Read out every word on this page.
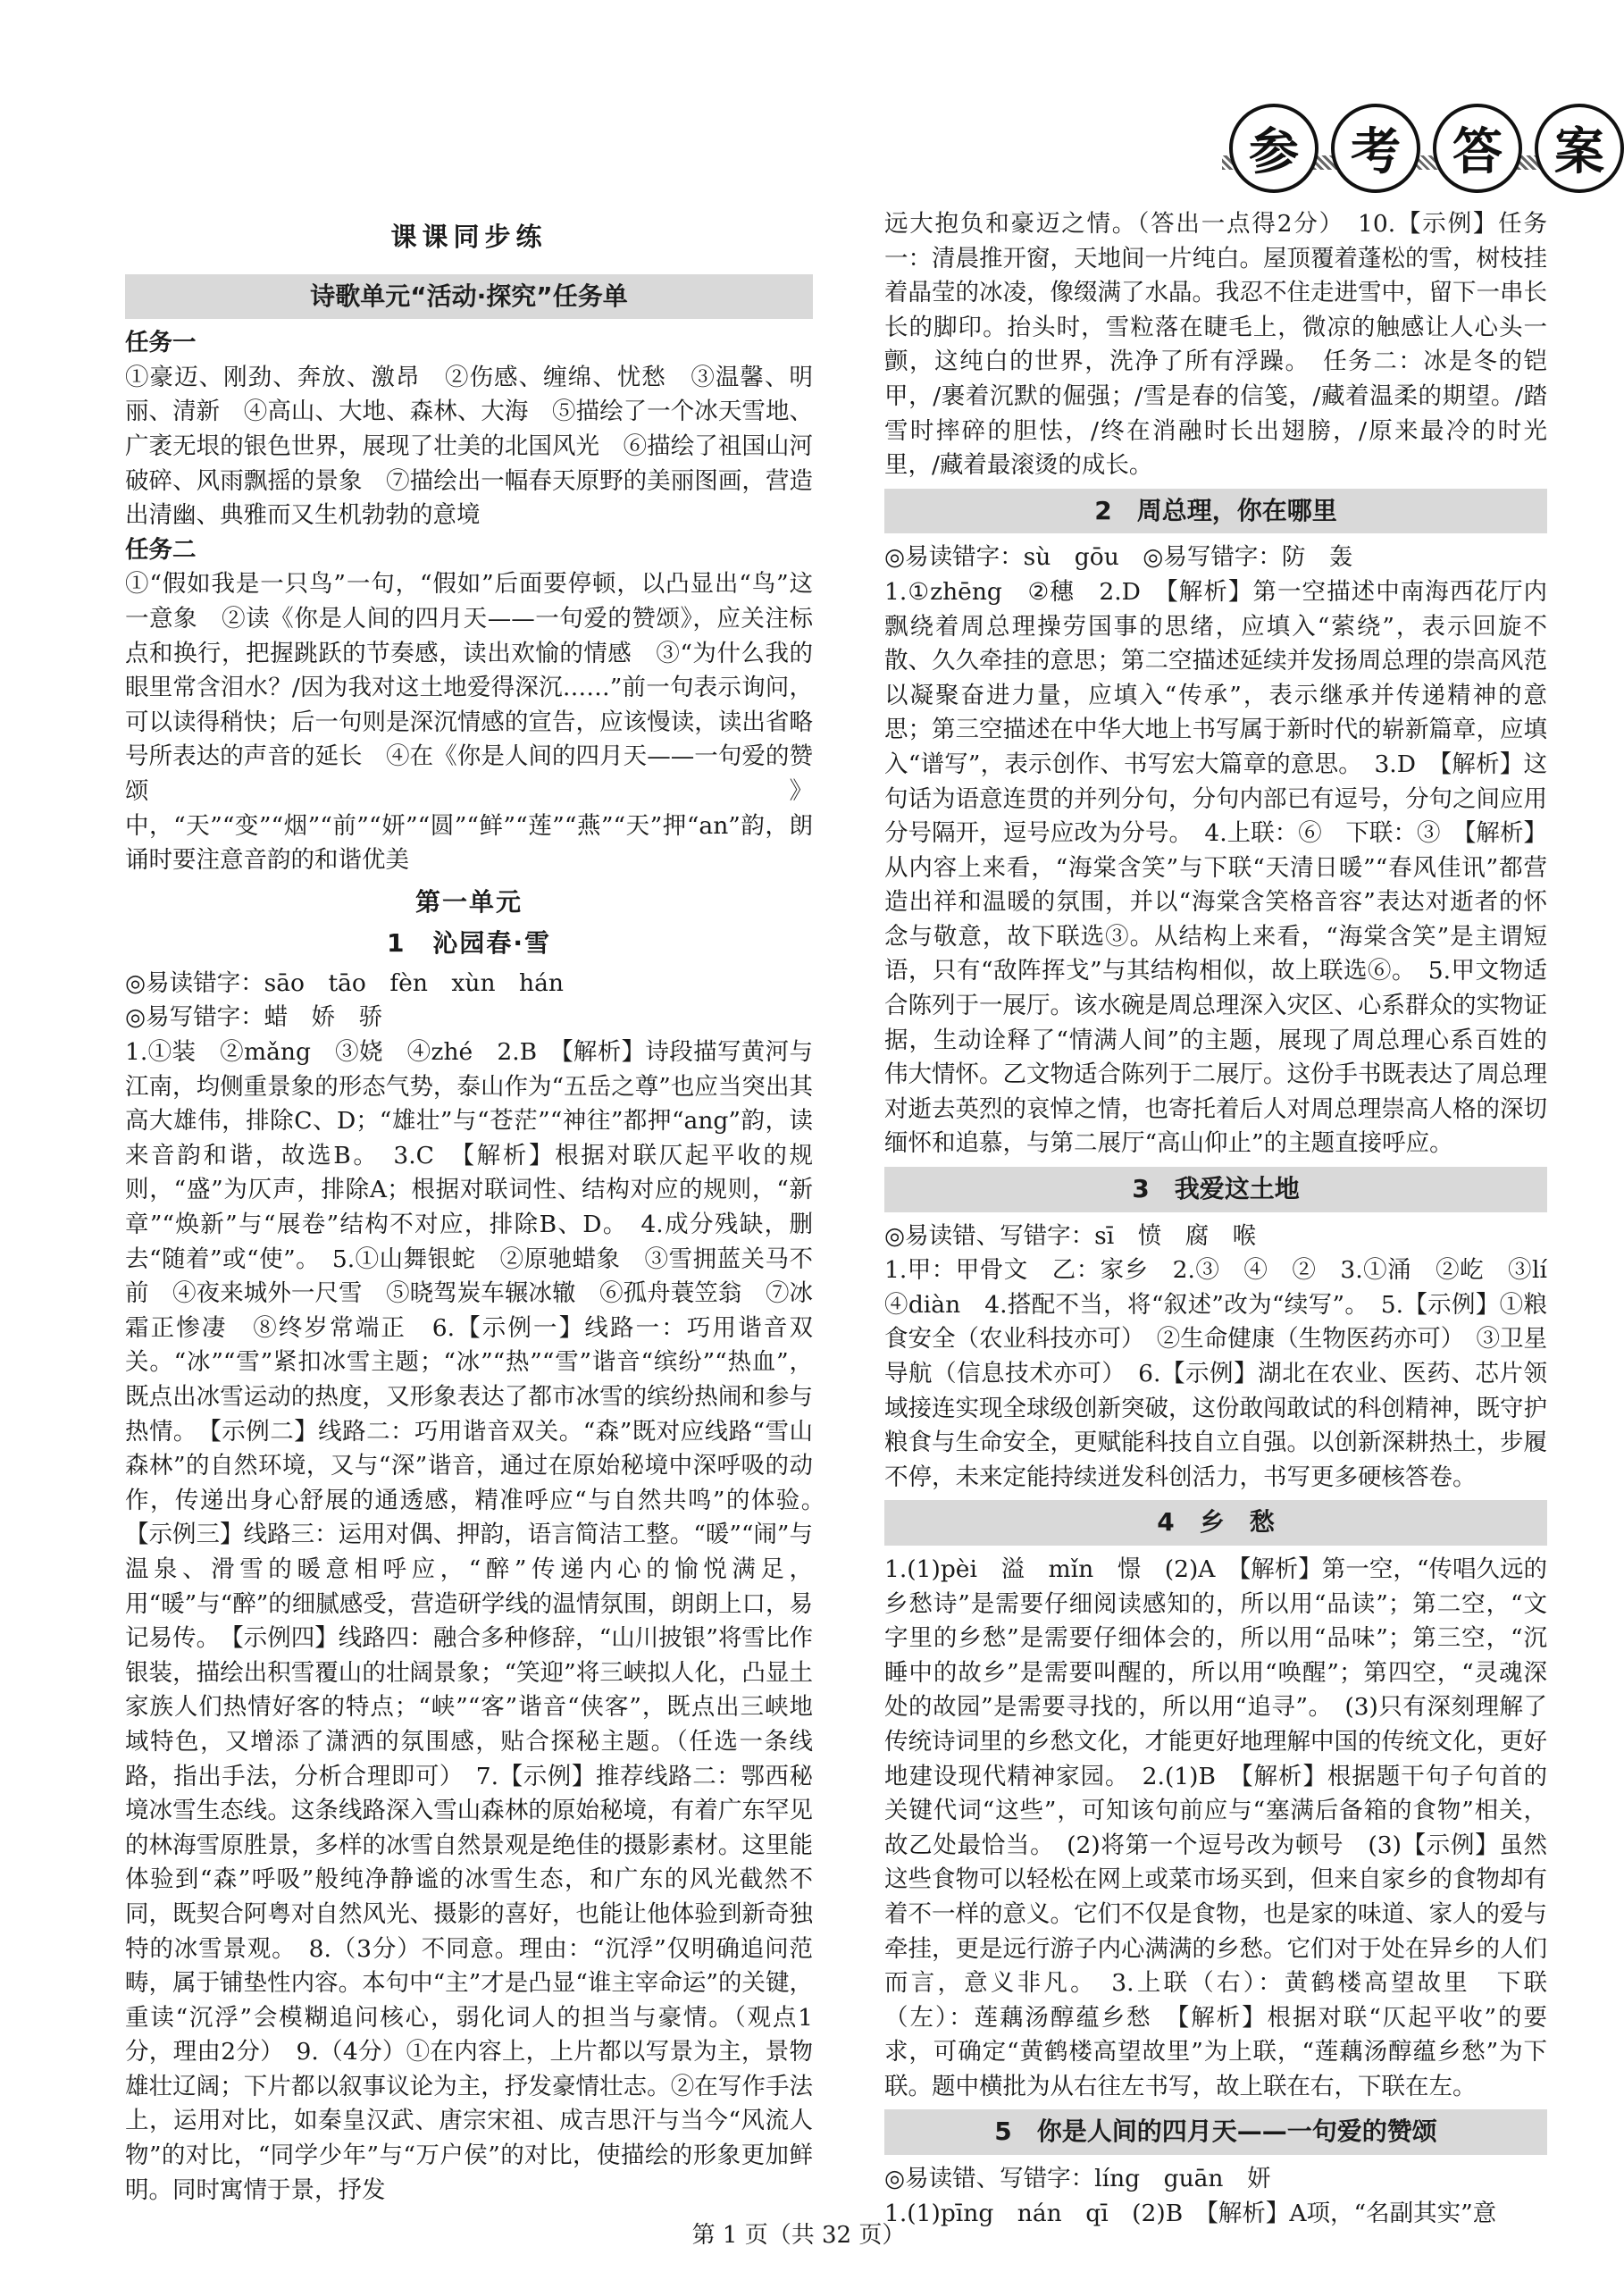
参	考	答	案
课课同步练
诗歌单元“活动·探究”任务单

任务一

①豪迈、刚劲、奔放、激昂　②伤感、缠绵、忧愁　③温馨、明丽、清新　④高山、大地、森林、大海　⑤描绘了一个冰天雪地、广袤无垠的银色世界，展现了壮美的北国风光　⑥描绘了祖国山河破碎、风雨飘摇的景象　⑦描绘出一幅春天原野的美丽图画，营造出清幽、典雅而又生机勃勃的意境

任务二

①“假如我是一只鸟”一句，“假如”后面要停顿，以凸显出“鸟”这一意象　②读《你是人间的四月天——一句爱的赞颂》，应关注标点和换行，把握跳跃的节奏感，读出欢愉的情感　③“为什么我的眼里常含泪水？/因为我对这土地爱得深沉……”前一句表示询问，可以读得稍快；后一句则是深沉情感的宣告，应该慢读，读出省略号所表达的声音的延长　④在《你是人间的四月天——一句爱的赞颂》中，“天”“变”“烟”“前”“妍”“圆”“鲜”“莲”“燕”“天”押“an”韵，朗诵时要注意音韵的和谐优美

第一单元
1　沁园春·雪

◎易读错字：sāo　tāo　fèn　xùn　hán

◎易写错字：蜡　娇　骄

1.①装　②mǎng　③娆　④zhé　2.B　【解析】诗段描写黄河与江南，均侧重景象的形态气势，泰山作为“五岳之尊”也应当突出其高大雄伟，排除C、D；“雄壮”与“苍茫”“神往”都押“ang”韵，读来音韵和谐，故选B。　3.C　【解析】根据对联仄起平收的规则，“盛”为仄声，排除A；根据对联词性、结构对应的规则，“新章”“焕新”与“展卷”结构不对应，排除B、D。　4.成分残缺，删去“随着”或“使”。　5.①山舞银蛇　②原驰蜡象　③雪拥蓝关马不前　④夜来城外一尺雪　⑤晓驾炭车辗冰辙　⑥孤舟蓑笠翁　⑦冰霜正惨凄　⑧终岁常端正　6.【示例一】线路一：巧用谐音双关。“冰”“雪”紧扣冰雪主题；“冰”“热”“雪”谐音“缤纷”“热血”，既点出冰雪运动的热度，又形象表达了都市冰雪的缤纷热闹和参与热情。　【示例二】线路二：巧用谐音双关。“森”既对应线路“雪山森林”的自然环境，又与“深”谐音，通过在原始秘境中深呼吸的动作，传递出身心舒展的通透感，精准呼应“与自然共鸣”的体验。　【示例三】线路三：运用对偶、押韵，语言简洁工整。“暖”“闹”与温泉、滑雪的暖意相呼应，“醉”传递内心的愉悦满足，用“暖”与“醉”的细腻感受，营造研学线的温情氛围，朗朗上口，易记易传。　【示例四】线路四：融合多种修辞，“山川披银”将雪比作银装，描绘出积雪覆山的壮阔景象；“笑迎”将三峡拟人化，凸显土家族人们热情好客的特点；“峡”“客”谐音“侠客”，既点出三峡地域特色，又增添了潇洒的氛围感，贴合探秘主题。（任选一条线路，指出手法，分析合理即可）　7.【示例】推荐线路二：鄂西秘境冰雪生态线。这条线路深入雪山森林的原始秘境，有着广东罕见的林海雪原胜景，多样的冰雪自然景观是绝佳的摄影素材。这里能体验到“森”呼吸”般纯净静谧的冰雪生态，和广东的风光截然不同，既契合阿粤对自然风光、摄影的喜好，也能让他体验到新奇独特的冰雪景观。　8.（3分）不同意。理由：“沉浮”仅明确追问范畴，属于铺垫性内容。本句中“主”才是凸显“谁主宰命运”的关键，重读“沉浮”会模糊追问核心，弱化词人的担当与豪情。（观点1分，理由2分）　9.（4分）①在内容上，上片都以写景为主，景物雄壮辽阔；下片都以叙事议论为主，抒发豪情壮志。②在写作手法上，运用对比，如秦皇汉武、唐宗宋祖、成吉思汗与当今“风流人物”的对比，“同学少年”与“万户侯”的对比，使描绘的形象更加鲜明。同时寓情于景，抒发

远大抱负和豪迈之情。（答出一点得2分）　10.【示例】任务一：清晨推开窗，天地间一片纯白。屋顶覆着蓬松的雪，树枝挂着晶莹的冰凌，像缀满了水晶。我忍不住走进雪中，留下一串长长的脚印。抬头时，雪粒落在睫毛上，微凉的触感让人心头一颤，这纯白的世界，洗净了所有浮躁。　任务二：冰是冬的铠甲，/裹着沉默的倔强；/雪是春的信笺，/藏着温柔的期望。/踏雪时摔碎的胆怯，/终在消融时长出翅膀，/原来最冷的时光里，/藏着最滚烫的成长。

2　周总理，你在哪里

◎易读错字：sù　gōu　◎易写错字：防　轰

1.①zhēng　②穗　2.D　【解析】第一空描述中南海西花厅内飘绕着周总理操劳国事的思绪，应填入“萦绕”，表示回旋不散、久久牵挂的意思；第二空描述延续并发扬周总理的崇高风范以凝聚奋进力量，应填入“传承”，表示继承并传递精神的意思；第三空描述在中华大地上书写属于新时代的崭新篇章，应填入“谱写”，表示创作、书写宏大篇章的意思。　3.D　【解析】这句话为语意连贯的并列分句，分句内部已有逗号，分句之间应用分号隔开，逗号应改为分号。　4.上联：⑥　下联：③　【解析】从内容上来看，“海棠含笑”与下联“天清日暖”“春风佳讯”都营造出祥和温暖的氛围，并以“海棠含笑格音容”表达对逝者的怀念与敬意，故下联选③。从结构上来看，“海棠含笑”是主谓短语，只有“敌阵挥戈”与其结构相似，故上联选⑥。　5.甲文物适合陈列于一展厅。该水碗是周总理深入灾区、心系群众的实物证据，生动诠释了“情满人间”的主题，展现了周总理心系百姓的伟大情怀。乙文物适合陈列于二展厅。这份手书既表达了周总理对逝去英烈的哀悼之情，也寄托着后人对周总理崇高人格的深切缅怀和追慕，与第二展厅“高山仰止”的主题直接呼应。

3　我爱这土地

◎易读错、写错字：sī　愤　腐　喉

1.甲：甲骨文　乙：家乡　2.③　④　②　3.①涌　②屹　③lí　④diàn　4.搭配不当，将“叙述”改为“续写”。　5.【示例】①粮食安全（农业科技亦可）　②生命健康（生物医药亦可）　③卫星导航（信息技术亦可）　6.【示例】湖北在农业、医药、芯片领域接连实现全球级创新突破，这份敢闯敢试的科创精神，既守护粮食与生命安全，更赋能科技自立自强。以创新深耕热土，步履不停，未来定能持续迸发科创活力，书写更多硬核答卷。

4　乡　愁

1.(1)pèi　溢　mǐn　憬　(2)A　【解析】第一空，“传唱久远的乡愁诗”是需要仔细阅读感知的，所以用“品读”；第二空，“文字里的乡愁”是需要仔细体会的，所以用“品味”；第三空，“沉睡中的故乡”是需要叫醒的，所以用“唤醒”；第四空，“灵魂深处的故园”是需要寻找的，所以用“追寻”。　(3)只有深刻理解了传统诗词里的乡愁文化，才能更好地理解中国的传统文化，更好地建设现代精神家园。　2.(1)B　【解析】根据题干句子句首的关键代词“这些”，可知该句前应与“塞满后备箱的食物”相关，故乙处最恰当。　(2)将第一个逗号改为顿号　(3)【示例】虽然这些食物可以轻松在网上或菜市场买到，但来自家乡的食物却有着不一样的意义。它们不仅是食物，也是家的味道、家人的爱与牵挂，更是远行游子内心满满的乡愁。它们对于处在异乡的人们而言，意义非凡。　3.上联（右）：黄鹤楼高望故里　下联（左）：莲藕汤醇蕴乡愁　【解析】根据对联“仄起平收”的要求，可确定“黄鹤楼高望故里”为上联，“莲藕汤醇蕴乡愁”为下联。题中横批为从右往左书写，故上联在右，下联在左。

5　你是人间的四月天——一句爱的赞颂

◎易读错、写错字：líng　guān　妍

1.(1)pīng　nán　qī　(2)B　【解析】A项，“名副其实”意

第 1 页（共 32 页）
